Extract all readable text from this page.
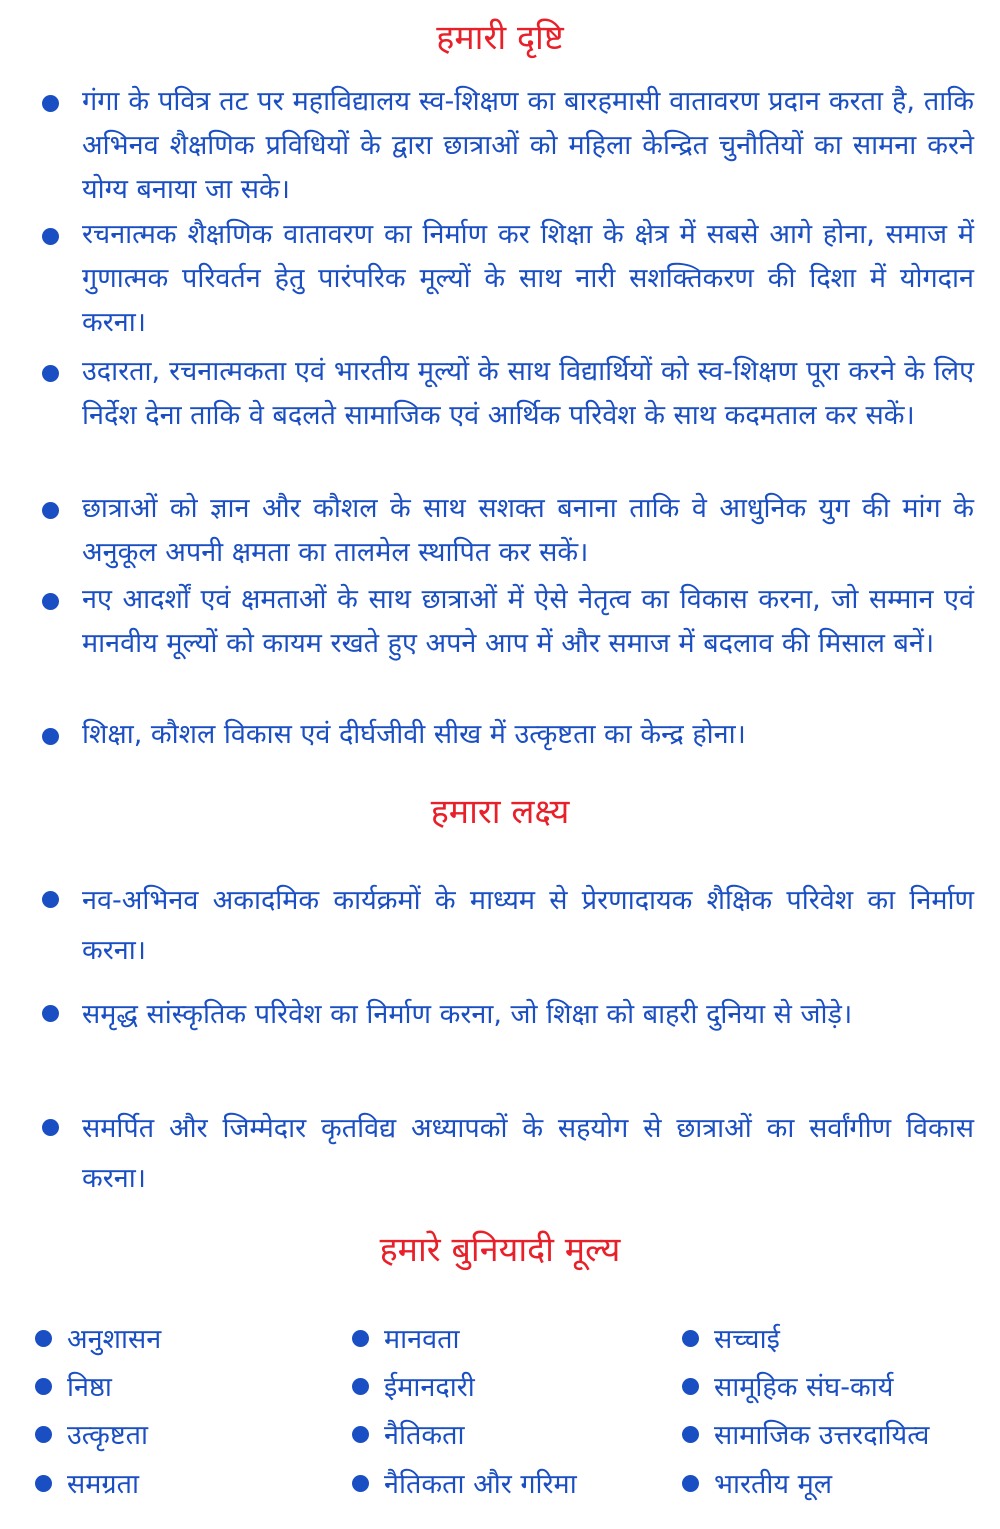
हमारी दृष्टि

गंगा के पवित्र तट पर महाविद्यालय स्व-शिक्षण का बारहमासी वातावरण प्रदान करता है, ताकि अभिनव शैक्षणिक प्रविधियों के द्वारा छात्राओं को महिला केन्द्रित चुनौतियों का सामना करने योग्य बनाया जा सके।

रचनात्मक शैक्षणिक वातावरण का निर्माण कर शिक्षा के क्षेत्र में सबसे आगे होना, समाज में गुणात्मक परिवर्तन हेतु पारंपरिक मूल्यों के साथ नारी सशक्तिकरण की दिशा में योगदान करना।

उदारता, रचनात्मकता एवं भारतीय मूल्यों के साथ विद्यार्थियों को स्व-शिक्षण पूरा करने के लिए निर्देश देना ताकि वे बदलते सामाजिक एवं आर्थिक परिवेश के साथ कदमताल कर सकें।

छात्राओं को ज्ञान और कौशल के साथ सशक्त बनाना ताकि वे आधुनिक युग की मांग के अनुकूल अपनी क्षमता का तालमेल स्थापित कर सकें।

नए आदर्शों एवं क्षमताओं के साथ छात्राओं में ऐसे नेतृत्व का विकास करना, जो सम्मान एवं मानवीय मूल्यों को कायम रखते हुए अपने आप में और समाज में बदलाव की मिसाल बनें।

शिक्षा, कौशल विकास एवं दीर्घजीवी सीख में उत्कृष्टता का केन्द्र होना।

हमारा लक्ष्य

नव-अभिनव अकादमिक कार्यक्रमों के माध्यम से प्रेरणादायक शैक्षिक परिवेश का निर्माण करना।

समृद्ध सांस्कृतिक परिवेश का निर्माण करना, जो शिक्षा को बाहरी दुनिया से जोड़े।

समर्पित और जिम्मेदार कृतविद्य अध्यापकों के सहयोग से छात्राओं का सर्वांगीण विकास करना।

हमारे बुनियादी मूल्य
अनुशासन
निष्ठा
उत्कृष्टता
समग्रता
मानवता
ईमानदारी
नैतिकता
नैतिकता और गरिमा
सच्चाई
सामूहिक संघ-कार्य
सामाजिक उत्तरदायित्व
भारतीय मूल
